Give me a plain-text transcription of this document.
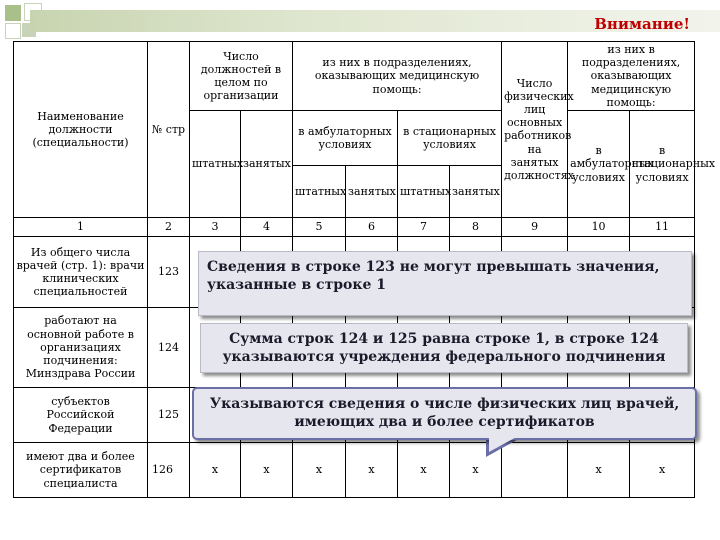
Внимание!
Наименование должности (специальности)	№ стр	Число должностей в целом по организации		из них в подразделениях, оказывающих медицинскую помощь:				Число физических лиц основных работников на занятых должностях	из них в подразделениях, оказывающих медицинскую помощь:	
		штатных	занятых	в амбулаторных условиях		в стационарных условиях			в амбулаторных условиях	в стационарных условиях
				штатных	занятых	штатных	занятых			
1	2	3	4	5	6	7	8	9	10	11
Из общего числа врачей (стр. 1): врачи клинических специальностей	123									
работают на основной работе в организациях подчинения: Минздрава России	124									
субъектов Российской Федерации	125									
имеют два и более сертификатов специалиста	126	x	x	x	x	x	x		x	x
Сведения в строке 123 не могут превышать значения, указанные в строке 1
Сумма строк 124 и 125 равна строке 1, в строке 124 указываются учреждения федерального подчинения
Указываются сведения о числе физических лиц врачей, имеющих два и более сертификатов
